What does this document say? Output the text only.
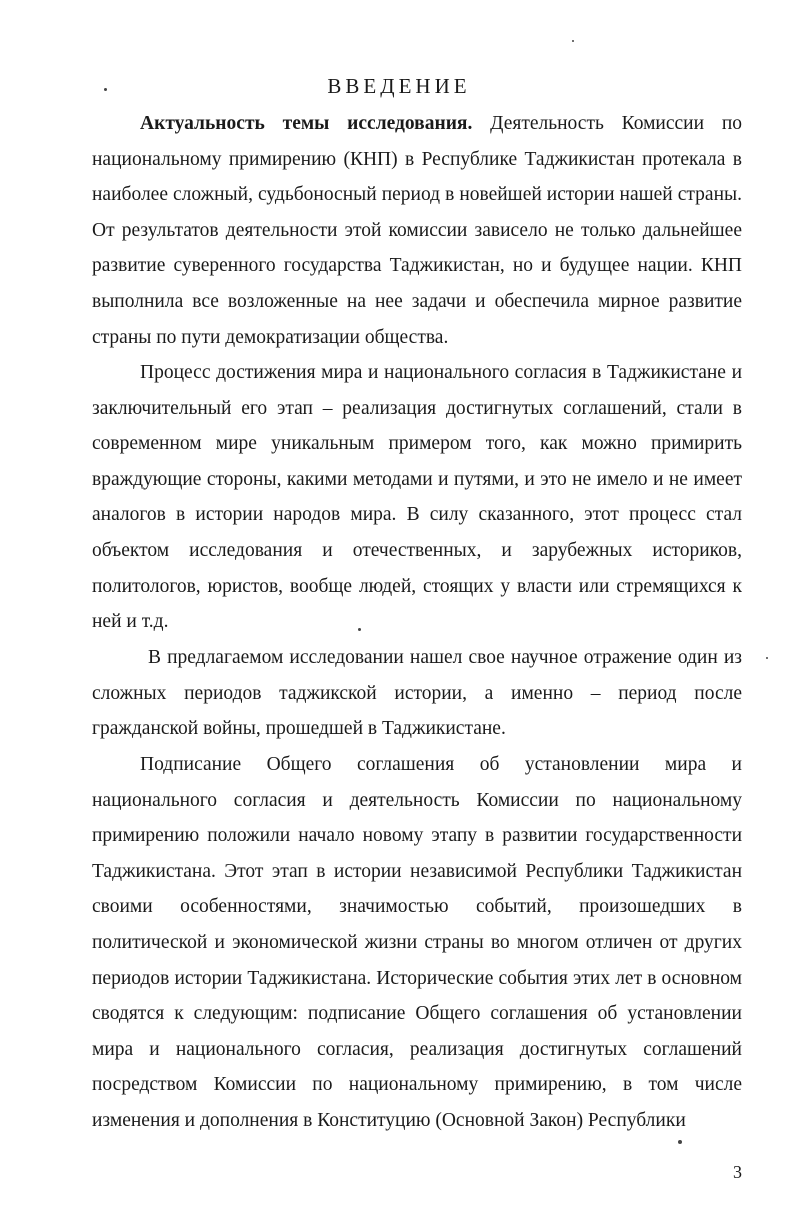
ВВЕДЕНИЕ

Актуальность темы исследования. Деятельность Комиссии по национальному примирению (КНП) в Республике Таджикистан протекала в наиболее сложный, судьбоносный период в новейшей истории нашей страны. От результатов деятельности этой комиссии зависело не только дальнейшее развитие суверенного государства Таджикистан, но и будущее нации. КНП выполнила все возложенные на нее задачи и обеспечила мирное развитие страны по пути демократизации общества.

Процесс достижения мира и национального согласия в Таджикистане и заключительный его этап – реализация достигнутых соглашений, стали в современном мире уникальным примером того, как можно примирить враждующие стороны, какими методами и путями, и это не имело и не имеет аналогов в истории народов мира. В силу сказанного, этот процесс стал объектом исследования и отечественных, и зарубежных историков, политологов, юристов, вообще людей, стоящих у власти или стремящихся к ней и т.д.

В предлагаемом исследовании нашел свое научное отражение один из сложных периодов таджикской истории, а именно – период после гражданской войны, прошедшей в Таджикистане.

Подписание Общего соглашения об установлении мира и национального согласия и деятельность Комиссии по национальному примирению положили начало новому этапу в развитии государственности Таджикистана. Этот этап в истории независимой Республики Таджикистан своими особенностями, значимостью событий, произошедших в политической и экономической жизни страны во многом отличен от других периодов истории Таджикистана. Исторические события этих лет в основном сводятся к следующим: подписание Общего соглашения об установлении мира и национального согласия, реализация достигнутых соглашений посредством Комиссии по национальному примирению, в том числе изменения и дополнения в Конституцию (Основной Закон) Республики

3
